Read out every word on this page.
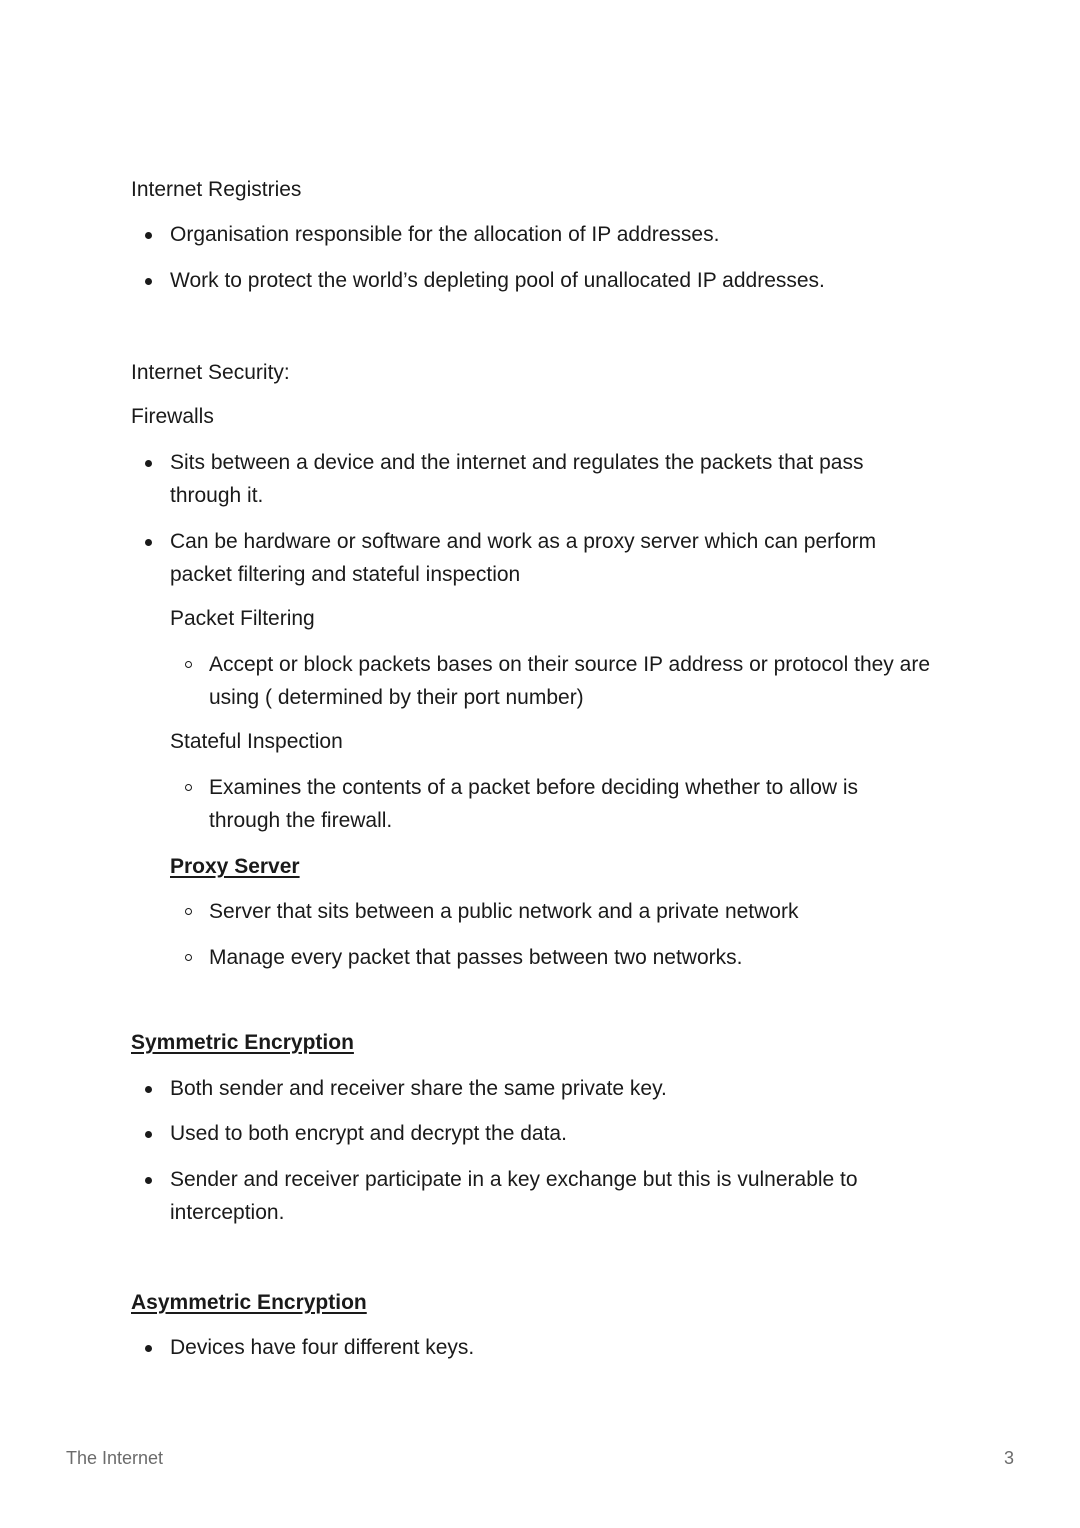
Internet Registries

Organisation responsible for the allocation of IP addresses.
Work to protect the world’s depleting pool of unallocated IP addresses.

Internet Security:

Firewalls

Sits between a device and the internet and regulates the packets that pass through it.
Can be hardware or software and work as a proxy server which can perform packet filtering and stateful inspection

Packet Filtering

Accept or block packets bases on their source IP address or protocol they are using ( determined by their port number)

Stateful Inspection

Examines the contents of a packet before deciding whether to allow is through the firewall.

Proxy Server

Server that sits between a public network and a private network
Manage every packet that passes between two networks.

Symmetric Encryption

Both sender and receiver share the same private key.
Used to both encrypt and decrypt the data.
Sender and receiver participate in a key exchange but this is vulnerable to interception.

Asymmetric Encryption

Devices have four different keys.
The Internet	3
